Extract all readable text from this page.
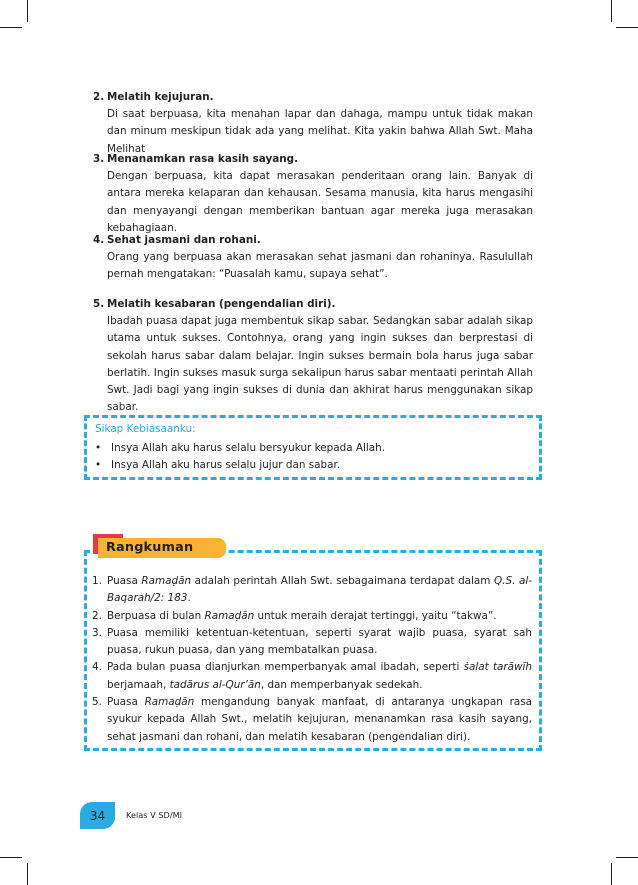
2. Melatih kejujuran.
Di saat berpuasa, kita menahan lapar dan dahaga, mampu untuk tidak makan dan minum meskipun tidak ada yang melihat. Kita yakin bahwa Allah Swt. Maha Melihat
3. Menanamkan rasa kasih sayang.
Dengan berpuasa, kita dapat merasakan penderitaan orang lain. Banyak di antara mereka kelaparan dan kehausan. Sesama manusia, kita harus mengasihi dan menyayangi dengan memberikan bantuan agar mereka juga merasakan kebahagiaan.
4. Sehat jasmani dan rohani.
Orang yang berpuasa akan merasakan sehat jasmani dan rohaninya. Rasulullah pernah mengatakan: “Puasalah kamu, supaya sehat”.
5. Melatih kesabaran (pengendalian diri).
Ibadah puasa dapat juga membentuk sikap sabar. Sedangkan sabar adalah sikap utama untuk sukses. Contohnya, orang yang ingin sukses dan berprestasi di sekolah harus sabar dalam belajar. Ingin sukses bermain bola harus juga sabar berlatih. Ingin sukses masuk surga sekalipun harus sabar mentaati perintah Allah Swt. Jadi bagi yang ingin sukses di dunia dan akhirat harus menggunakan sikap sabar.
Sikap Kebiasaanku:
• Insya Allah aku harus selalu bersyukur kepada Allah.
• Insya Allah aku harus selalu jujur dan sabar.
Rangkuman
1. Puasa Ramaḍān adalah perintah Allah Swt. sebagaimana terdapat dalam Q.S. al-Baqarah/2: 183.
2. Berpuasa di bulan Ramaḍān untuk meraih derajat tertinggi, yaitu “takwa”.
3. Puasa memiliki ketentuan-ketentuan, seperti syarat wajib puasa, syarat sah puasa, rukun puasa, dan yang membatalkan puasa.
4. Pada bulan puasa dianjurkan memperbanyak amal ibadah, seperti ṡalat tarāwīh berjamaah, tadārus al-Qur’ān, dan memperbanyak sedekah.
5. Puasa Ramaḍān mengandung banyak manfaat, di antaranya ungkapan rasa syukur kepada Allah Swt., melatih kejujuran, menanamkan rasa kasih sayang, sehat jasmani dan rohani, dan melatih kesabaran (pengendalian diri).
34	Kelas V SD/MI
